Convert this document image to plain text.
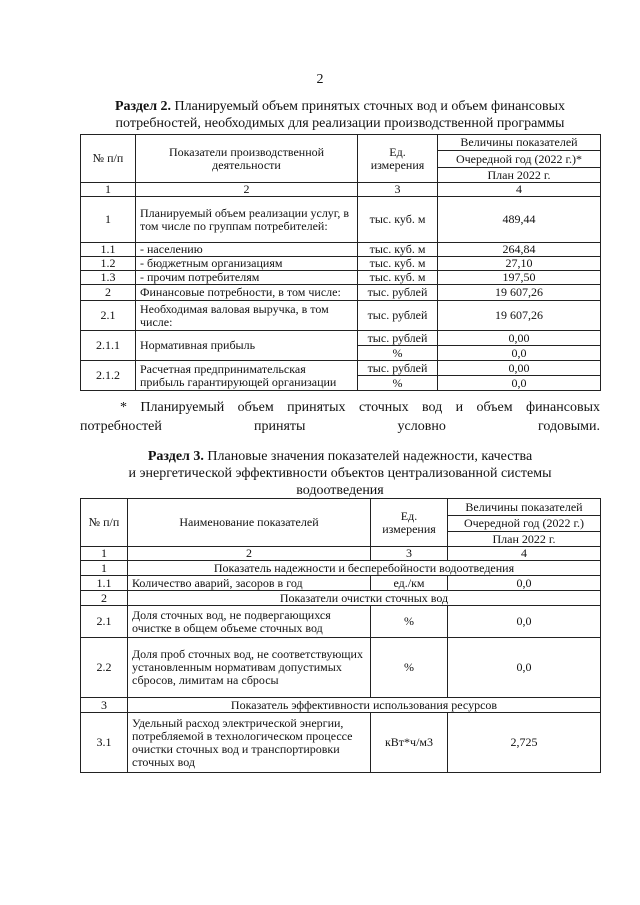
2
Раздел 2. Планируемый объем принятых сточных вод и объем финансовых
потребностей, необходимых для реализации производственной программы
№ п/п	Показатели производственной деятельности	Ед. измерения	Величины показателей
			Очередной год (2022 г.)*
			План 2022 г.
1	2	3	4
1	Планируемый объем реализации услуг, в том числе по группам потребителей:	тыс. куб. м	489,44
1.1	- населению	тыс. куб. м	264,84
1.2	- бюджетным организациям	тыс. куб. м	27,10
1.3	- прочим потребителям	тыс. куб. м	197,50
2	Финансовые потребности, в том числе:	тыс. рублей	19 607,26
2.1	Необходимая валовая выручка, в том числе:	тыс. рублей	19 607,26
2.1.1	Нормативная прибыль	тыс. рублей	0,00
		%	0,0
2.1.2	Расчетная предпринимательская прибыль гарантирующей организации	тыс. рублей	0,00
		%	0,0
* Планируемый объем принятых сточных вод и объем финансовых потребностей приняты условно годовыми.
Раздел 3. Плановые значения показателей надежности, качества
и энергетической эффективности объектов централизованной системы
водоотведения
№ п/п	Наименование показателей	Ед. измерения	Величины показателей
			Очередной год (2022 г.)
			План 2022 г.
1	2	3	4
1	Показатель надежности и бесперебойности водоотведения		
1.1	Количество аварий, засоров в год	ед./км	0,0
2	Показатели очистки сточных вод		
2.1	Доля сточных вод, не подвергающихся очистке в общем объеме сточных вод	%	0,0
2.2	Доля проб сточных вод, не соответствующих установленным нормативам допустимых сбросов, лимитам на сбросы	%	0,0
3	Показатель эффективности использования ресурсов		
3.1	Удельный расход электрической энергии, потребляемой в технологическом процессе очистки сточных вод и транспортировки сточных вод	кВт*ч/м3	2,725
